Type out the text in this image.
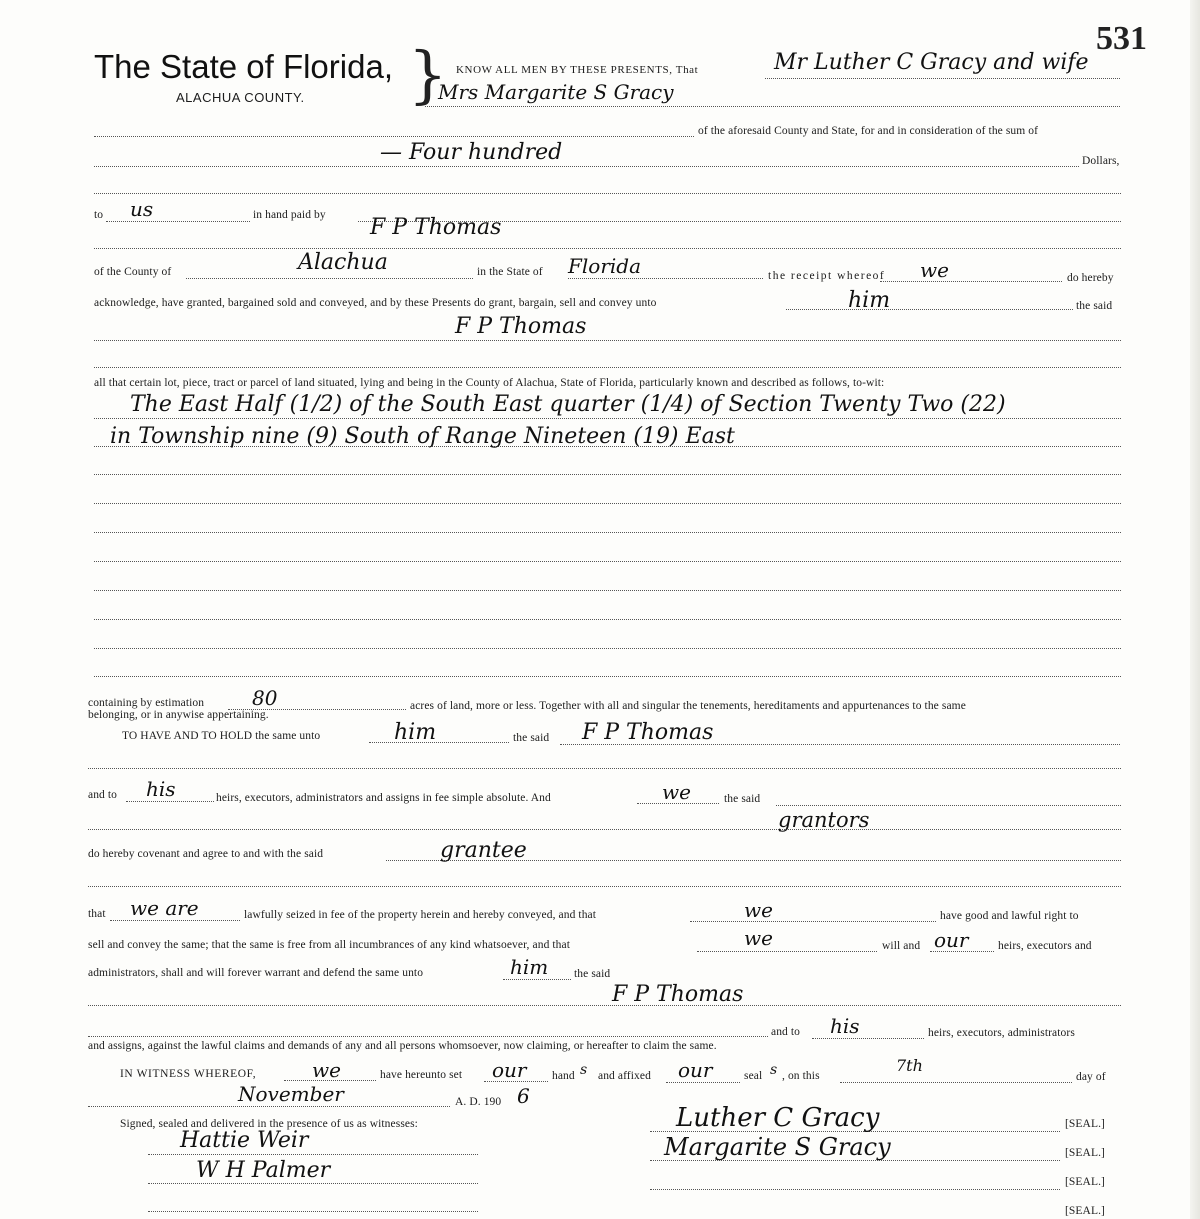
531
The State of Florida,
ALACHUA COUNTY. } KNOW ALL MEN BY THESE PRESENTS, That	Mr Luther C Gracy and wife
Mrs Margarite S Gracy
of the aforesaid County and State, for and in consideration of the sum of
— Four hundred	Dollars,
to us	in hand paid by F P Thomas
of the County of	Alachua	in the State of Florida	the receipt whereof we	do hereby
acknowledge, have granted, bargained sold and conveyed, and by these Presents do grant, bargain, sell and convey unto	him	the said
F P Thomas
all that certain lot, piece, tract or parcel of land situated, lying and being in the County of Alachua, State of Florida, particularly known and described as follows, to-wit:
The East Half (1/2) of the South East quarter (1/4) of Section Twenty Two (22)
in Township nine (9) South of Range Nineteen (19) East
containing by estimation 80	acres of land, more or less. Together with all and singular the tenements, hereditaments and appurtenances to the same
belonging, or in anywise appertaining.
TO HAVE AND TO HOLD the same unto	him	the said F P Thomas
and to his	heirs, executors, administrators and assigns in fee simple absolute. And	we	the said
grantors
do hereby covenant and agree to and with the said	grantee
that we are	lawfully seized in fee of the property herein and hereby conveyed, and that	we	have good and lawful right to
sell and convey the same; that the same is free from all incumbrances of any kind whatsoever, and that	we	will and our	heirs, executors and
administrators, shall and will forever warrant and defend the same unto	him the said
F P Thomas
and to his	heirs, executors, administrators
and assigns, against the lawful claims and demands of any and all persons whomsoever, now claiming, or hereafter to claim the same.
IN WITNESS WHEREOF,	we	have hereunto set our hand s and affixed our	seal s , on this
7th
day of
November	A. D. 190 6
Signed, sealed and delivered in the presence of us as witnesses:
Hattie Weir
W H Palmer
Luther C Gracy	[SEAL.]
Margarite S Gracy	[SEAL.]
[SEAL.]
[SEAL.]
